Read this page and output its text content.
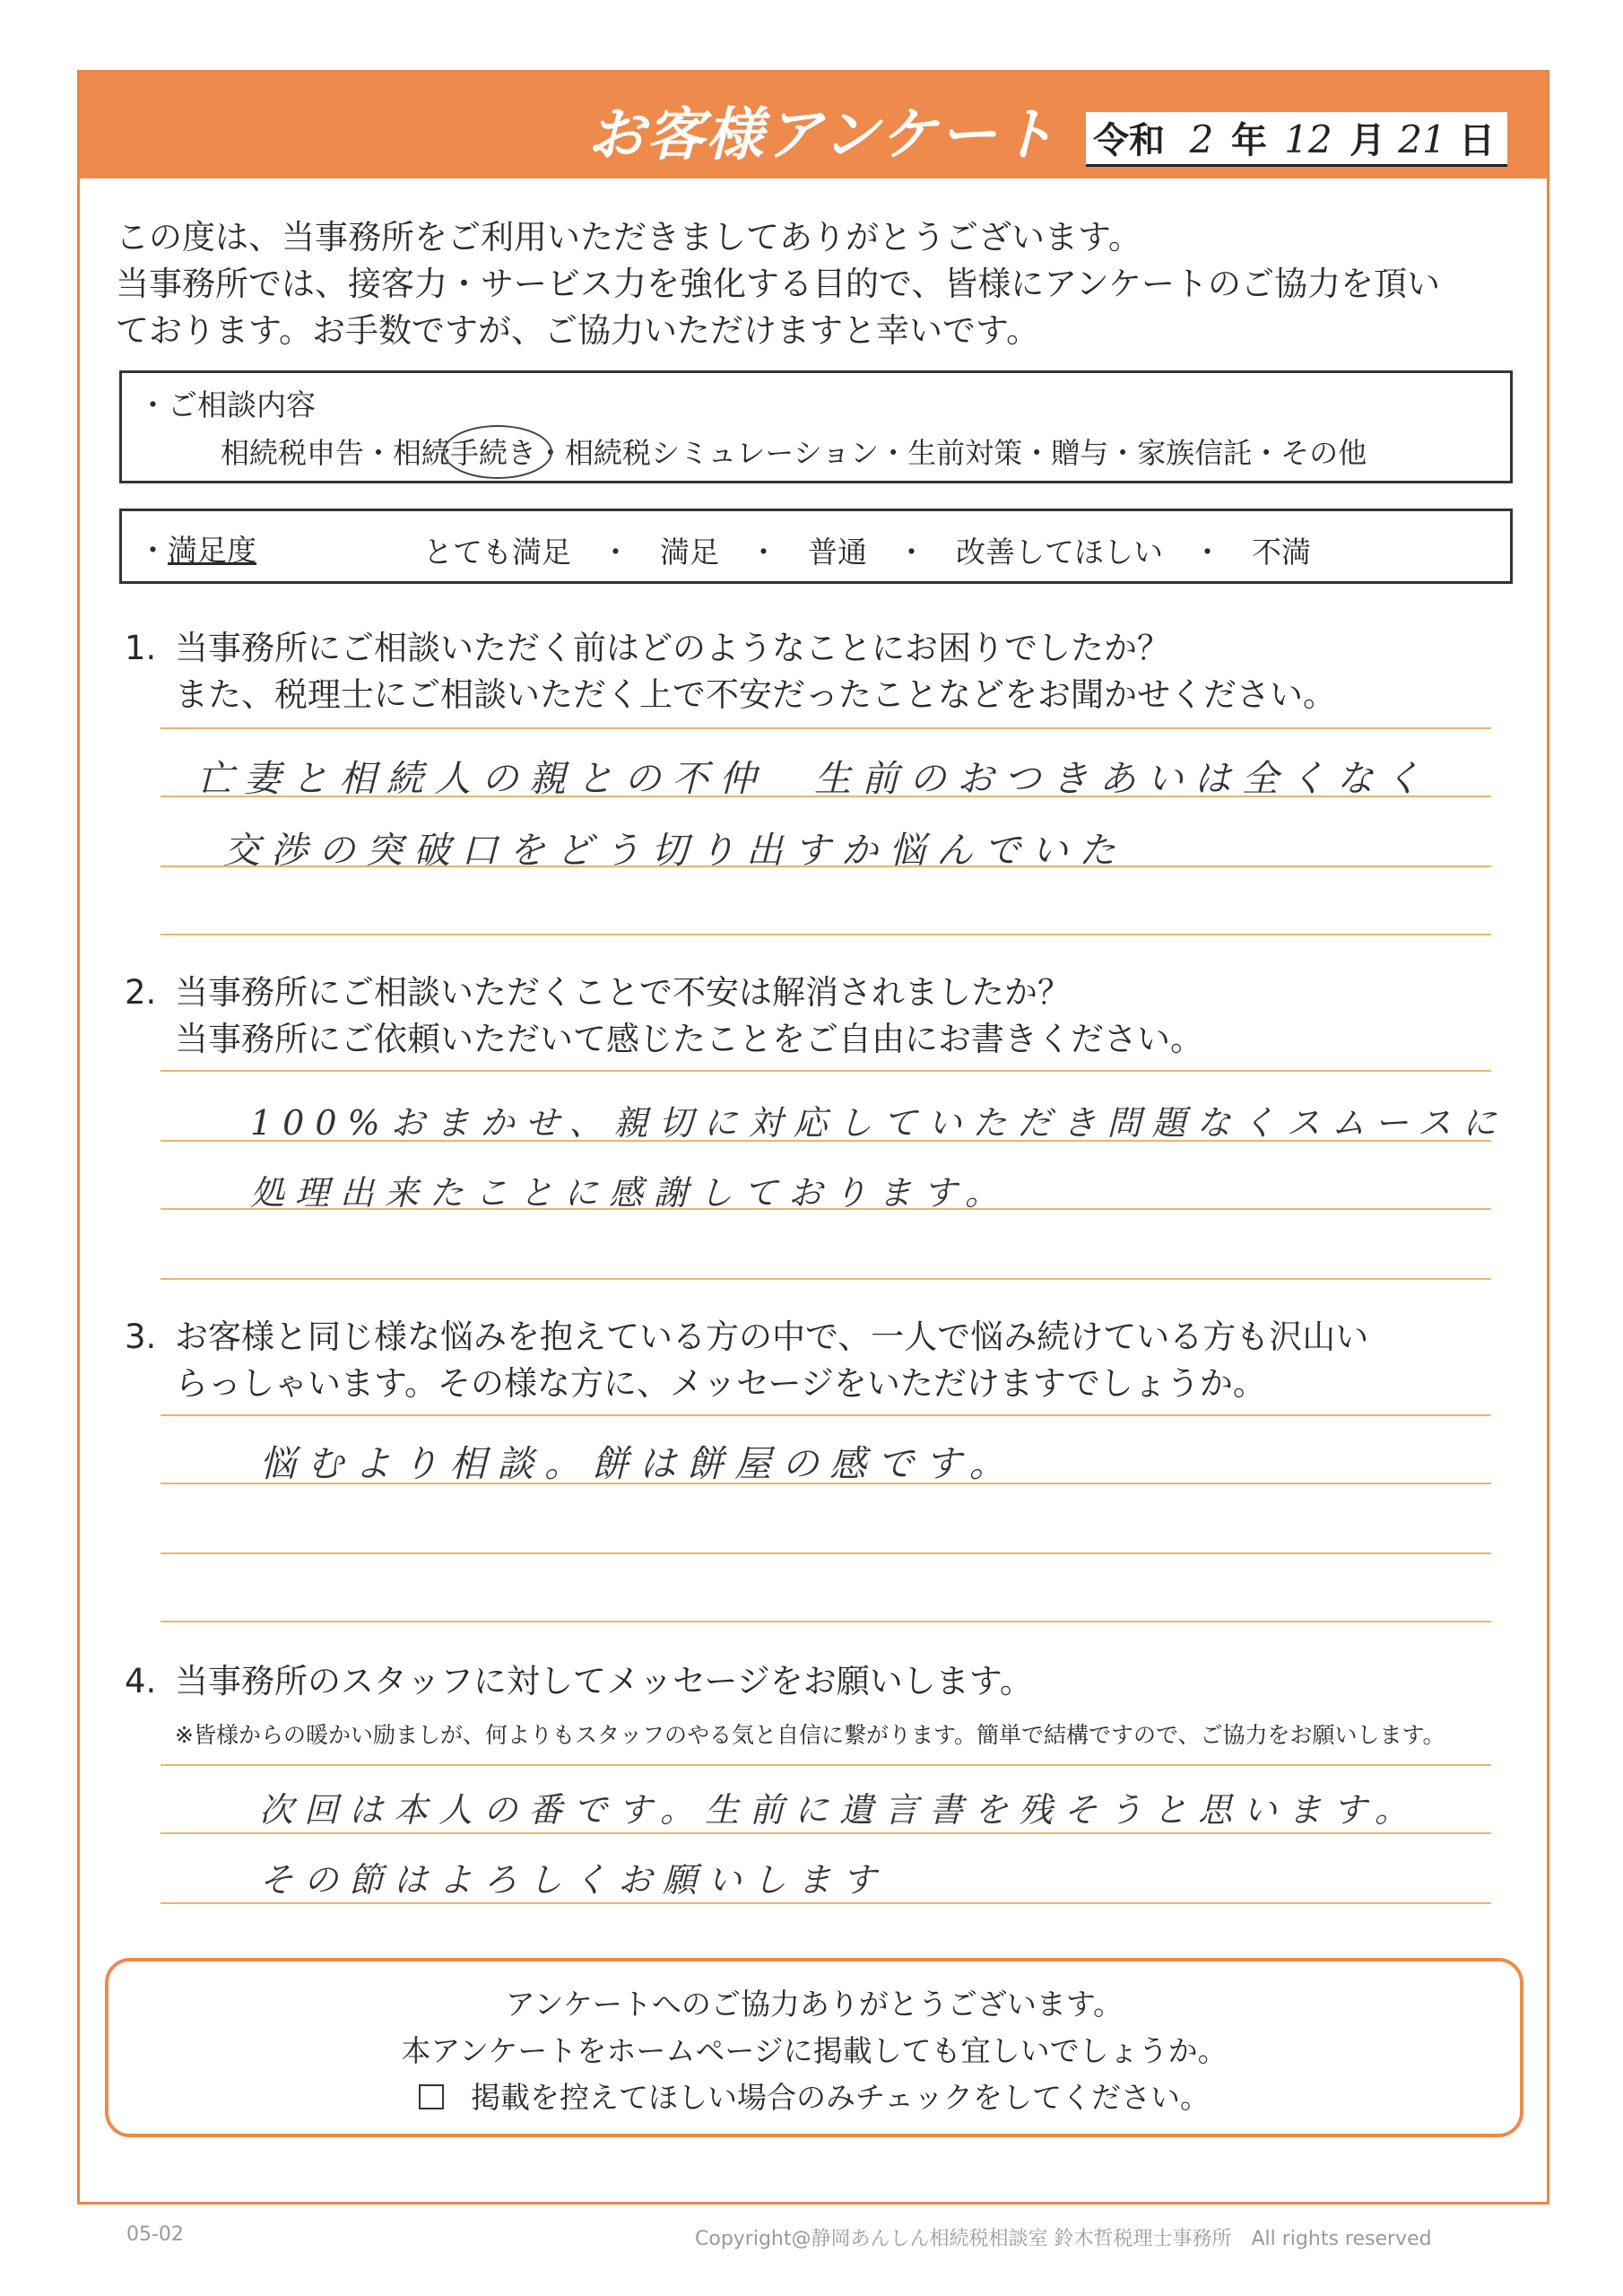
お客様アンケート 令和 2 年 12 月 21 日
この度は、当事務所をご利用いただきましてありがとうございます。
当事務所では、接客力・サービス力を強化する目的で、皆様にアンケートのご協力を頂い
ております。お手数ですが、ご協力いただけますと幸いです。
・ご相談内容
相続税申告・相続手続き・相続税シミュレーション・生前対策・贈与・家族信託・その他
・満足度	とても満足　・　満足　・　普通　・　改善してほしい　・　不満
1. 当事務所にご相談いただく前はどのようなことにお困りでしたか？
また、税理士にご相談いただく上で不安だったことなどをお聞かせください。
亡妻と相続人の親との不仲　生前のおつきあいは全くなく
交渉の突破口をどう切り出すか悩んでいた
2. 当事務所にご相談いただくことで不安は解消されましたか？
当事務所にご依頼いただいて感じたことをご自由にお書きください。
100%おまかせ、親切に対応していただき問題なくスムースに
処理出来たことに感謝しております。
3. お客様と同じ様な悩みを抱えている方の中で、一人で悩み続けている方も沢山い
らっしゃいます。その様な方に、メッセージをいただけますでしょうか。
悩むより相談。餅は餅屋の感です。
4. 当事務所のスタッフに対してメッセージをお願いします。
※皆様からの暖かい励ましが、何よりもスタッフのやる気と自信に繋がります。簡単で結構ですので、ご協力をお願いします。
次回は本人の番です。生前に遺言書を残そうと思います。
その節はよろしくお願いします
アンケートへのご協力ありがとうございます。
本アンケートをホームページに掲載しても宜しいでしょうか。
掲載を控えてほしい場合のみチェックをしてください。
05-02	Copyright@静岡あんしん相続税相談室 鈴木哲税理士事務所　All rights reserved
